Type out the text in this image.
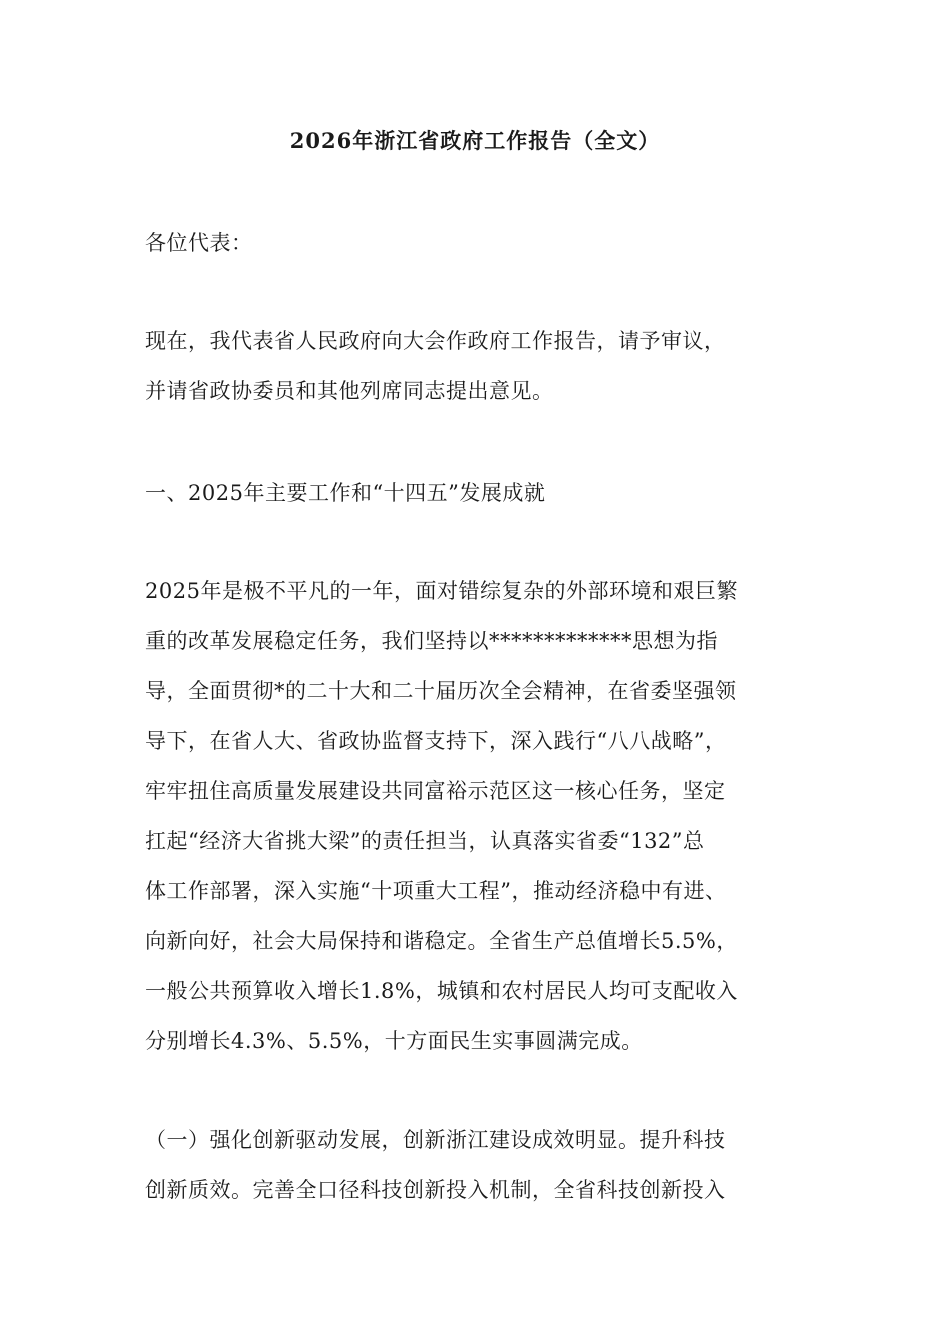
2026年浙江省政府工作报告（全文）
各位代表：
现在，我代表省人民政府向大会作政府工作报告，请予审议，
并请省政协委员和其他列席同志提出意见。
一、2025年主要工作和“十四五”发展成就
2025年是极不平凡的一年，面对错综复杂的外部环境和艰巨繁
重的改革发展稳定任务，我们坚持以*************思想为指
导，全面贯彻*的二十大和二十届历次全会精神，在省委坚强领
导下，在省人大、省政协监督支持下，深入践行“八八战略”，
牢牢扭住高质量发展建设共同富裕示范区这一核心任务，坚定
扛起“经济大省挑大梁”的责任担当，认真落实省委“132”总
体工作部署，深入实施“十项重大工程”，推动经济稳中有进、
向新向好，社会大局保持和谐稳定。全省生产总值增长5.5%，
一般公共预算收入增长1.8%，城镇和农村居民人均可支配收入
分别增长4.3%、5.5%，十方面民生实事圆满完成。
（一）强化创新驱动发展，创新浙江建设成效明显。提升科技
创新质效。完善全口径科技创新投入机制，全省科技创新投入
